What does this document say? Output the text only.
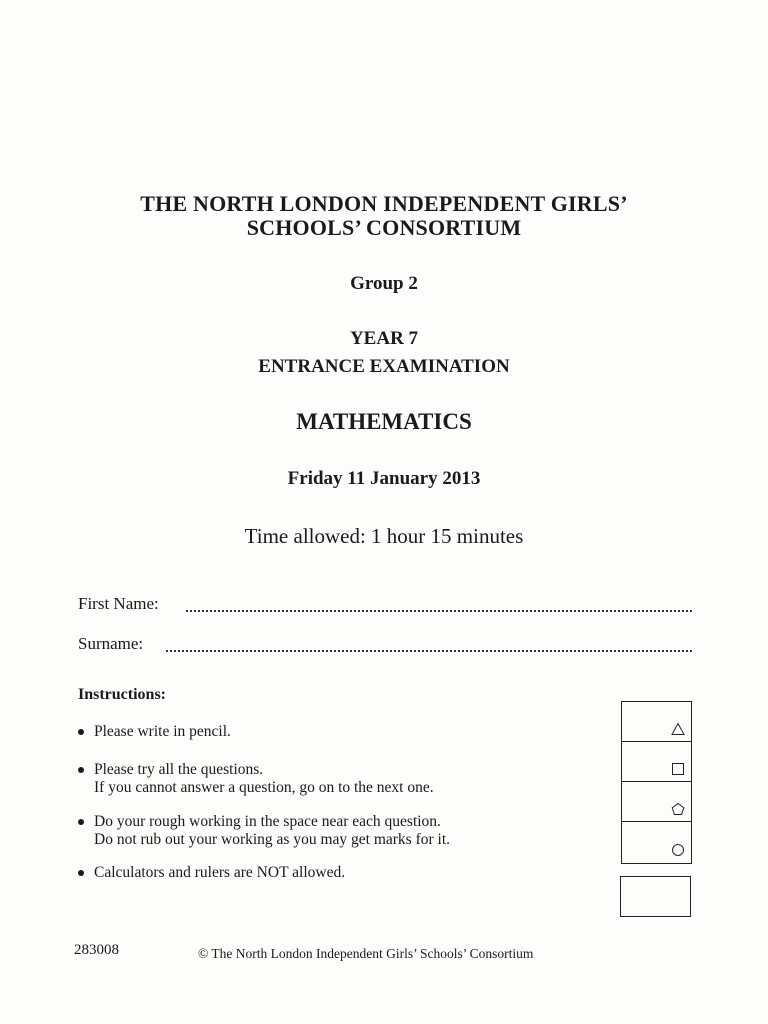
THE NORTH LONDON INDEPENDENT GIRLS’
SCHOOLS’ CONSORTIUM
Group 2
YEAR 7
ENTRANCE EXAMINATION
MATHEMATICS
Friday 11 January 2013
Time allowed: 1 hour 15 minutes
First Name:
Surname:
Instructions:
Please write in pencil.
Please try all the questions.
If you cannot answer a question, go on to the next one.
Do your rough working in the space near each question.
Do not rub out your working as you may get marks for it.
Calculators and rulers are NOT allowed.
283008	© The North London Independent Girls’ Schools’ Consortium
